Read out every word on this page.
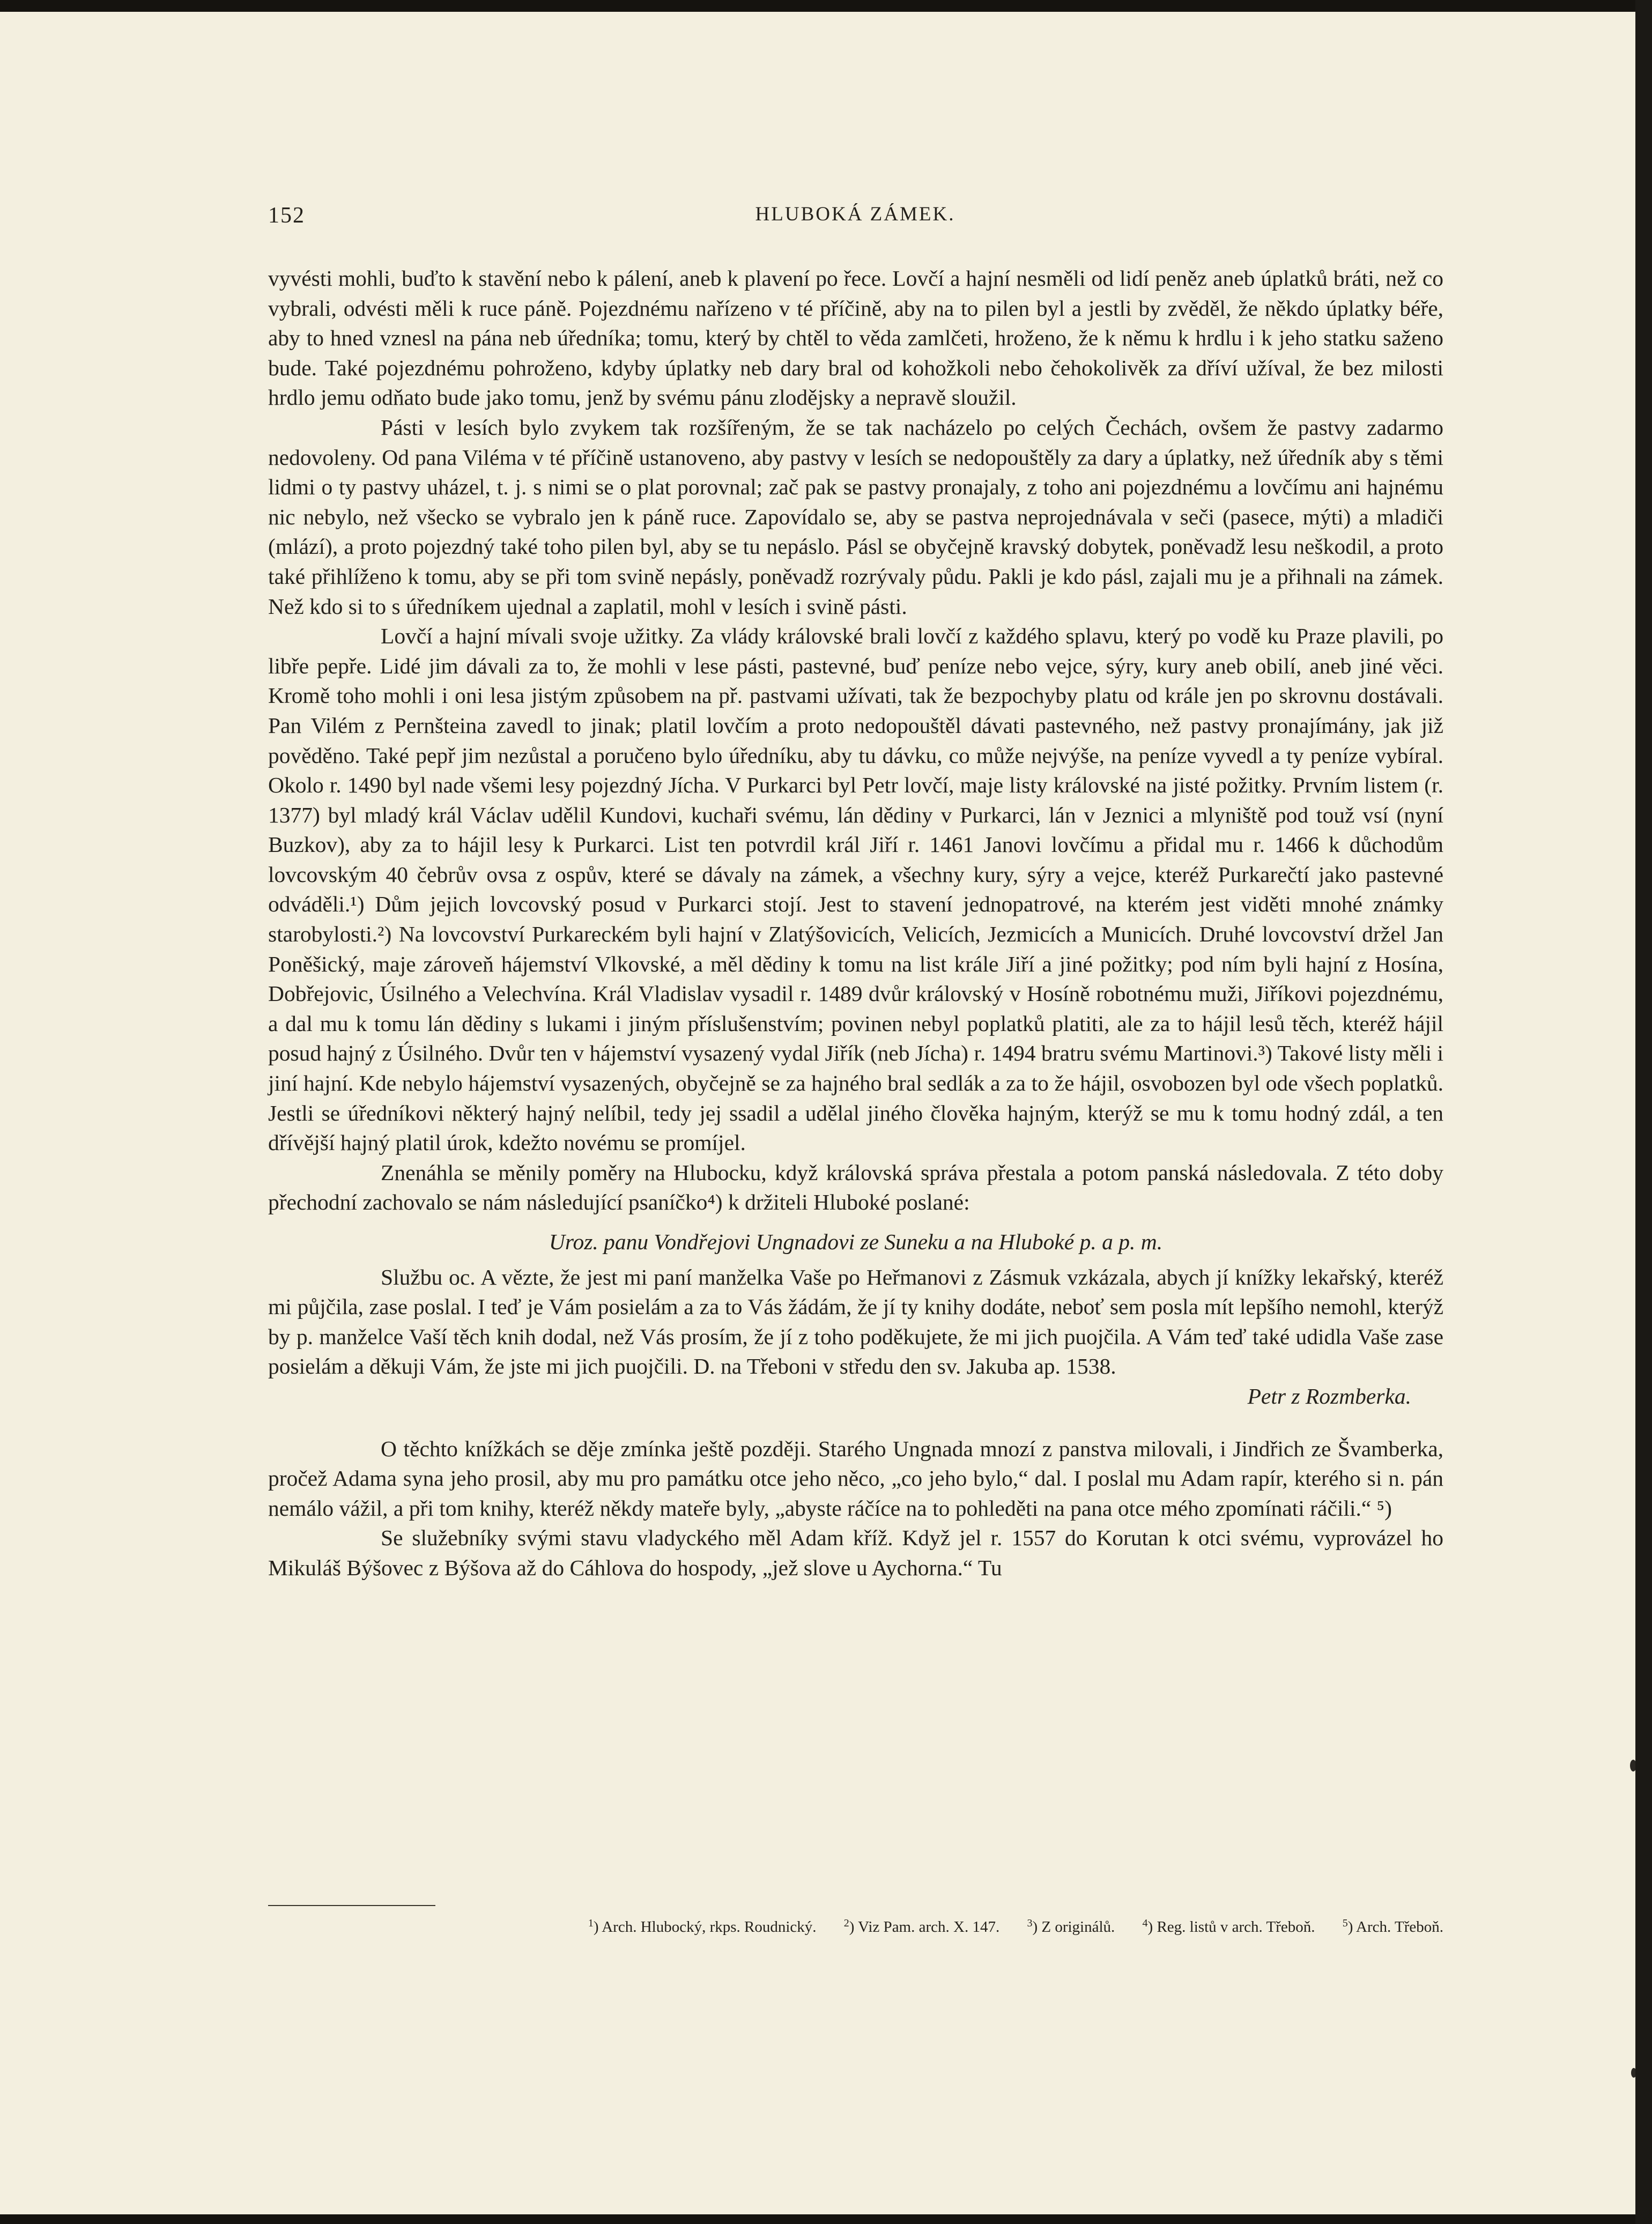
152	HLUBOKÁ ZÁMEK.

vyvésti mohli, buďto k stavění nebo k pálení, aneb k plavení po řece. Lovčí a hajní nesměli od lidí peněz aneb úplatků bráti, než co vybrali, odvésti měli k ruce páně. Pojezdnému nařízeno v té příčině, aby na to pilen byl a jestli by zvěděl, že někdo úplatky béře, aby to hned vznesl na pána neb úředníka; tomu, který by chtěl to věda zamlčeti, hroženo, že k němu k hrdlu i k jeho statku saženo bude. Také pojezdnému pohroženo, kdyby úplatky neb dary bral od kohožkoli nebo čehokolivěk za dříví užíval, že bez milosti hrdlo jemu odňato bude jako tomu, jenž by svému pánu zlodějsky a nepravě sloužil.

Pásti v lesích bylo zvykem tak rozšířeným, že se tak nacházelo po celých Čechách, ovšem že pastvy zadarmo nedovoleny. Od pana Viléma v té příčině ustanoveno, aby pastvy v lesích se nedopouštěly za dary a úplatky, než úředník aby s těmi lidmi o ty pastvy uházel, t. j. s nimi se o plat porovnal; zač pak se pastvy pronajaly, z toho ani pojezdnému a lovčímu ani hajnému nic nebylo, než všecko se vybralo jen k páně ruce. Zapovídalo se, aby se pastva neprojednávala v seči (pasece, mýti) a mladiči (mlází), a proto pojezdný také toho pilen byl, aby se tu nepáslo. Pásl se obyčejně kravský dobytek, poněvadž lesu neškodil, a proto také přihlíženo k tomu, aby se při tom svině nepásly, poněvadž rozrývaly půdu. Pakli je kdo pásl, zajali mu je a přihnali na zámek. Než kdo si to s úředníkem ujednal a zaplatil, mohl v lesích i svině pásti.

Lovčí a hajní mívali svoje užitky. Za vlády královské brali lovčí z každého splavu, který po vodě ku Praze plavili, po libře pepře. Lidé jim dávali za to, že mohli v lese pásti, pastevné, buď peníze nebo vejce, sýry, kury aneb obilí, aneb jiné věci. Kromě toho mohli i oni lesa jistým způsobem na př. pastvami užívati, tak že bezpochyby platu od krále jen po skrovnu dostávali. Pan Vilém z Pernšteina zavedl to jinak; platil lovčím a proto nedopouštěl dávati pastevného, než pastvy pronajímány, jak již pověděno. Také pepř jim nezůstal a poručeno bylo úředníku, aby tu dávku, co může nejvýše, na peníze vyvedl a ty peníze vybíral. Okolo r. 1490 byl nade všemi lesy pojezdný Jícha. V Purkarci byl Petr lovčí, maje listy královské na jisté požitky. Prvním listem (r. 1377) byl mladý král Václav udělil Kundovi, kuchaři svému, lán dědiny v Purkarci, lán v Jeznici a mlyniště pod touž vsí (nyní Buzkov), aby za to hájil lesy k Purkarci. List ten potvrdil král Jiří r. 1461 Janovi lovčímu a přidal mu r. 1466 k důchodům lovcovským 40 čebrův ovsa z ospův, které se dávaly na zámek, a všechny kury, sýry a vejce, kteréž Purkarečtí jako pastevné odváděli.¹) Dům jejich lovcovský posud v Purkarci stojí. Jest to stavení jednopatrové, na kterém jest viděti mnohé známky starobylosti.²) Na lovcovství Purkareckém byli hajní v Zlatýšovicích, Velicích, Jezmicích a Municích. Druhé lovcovství držel Jan Poněšický, maje zároveň hájemství Vlkovské, a měl dědiny k tomu na list krále Jiří a jiné požitky; pod ním byli hajní z Hosína, Dobřejovic, Úsilného a Velechvína. Král Vladislav vysadil r. 1489 dvůr královský v Hosíně robotnému muži, Jiříkovi pojezdnému, a dal mu k tomu lán dědiny s lukami i jiným příslušenstvím; povinen nebyl poplatků platiti, ale za to hájil lesů těch, kteréž hájil posud hajný z Úsilného. Dvůr ten v hájemství vysazený vydal Jiřík (neb Jícha) r. 1494 bratru svému Martinovi.³) Takové listy měli i jiní hajní. Kde nebylo hájemství vysazených, obyčejně se za hajného bral sedlák a za to že hájil, osvobozen byl ode všech poplatků. Jestli se úředníkovi některý hajný nelíbil, tedy jej ssadil a udělal jiného člověka hajným, kterýž se mu k tomu hodný zdál, a ten dřívější hajný platil úrok, kdežto novému se promíjel.

Znenáhla se měnily poměry na Hlubocku, když královská správa přestala a potom panská následovala. Z této doby přechodní zachovalo se nám následující psaníčko⁴) k držiteli Hluboké poslané:

Uroz. panu Vondřejovi Ungnadovi ze Suneku a na Hluboké p. a p. m.

Službu oc. A vězte, že jest mi paní manželka Vaše po Heřmanovi z Zásmuk vzkázala, abych jí knížky lekařský, kteréž mi půjčila, zase poslal. I teď je Vám posielám a za to Vás žádám, že jí ty knihy dodáte, neboť sem posla mít lepšího nemohl, kterýž by p. manželce Vaší těch knih dodal, než Vás prosím, že jí z toho poděkujete, že mi jich puojčila. A Vám teď také udidla Vaše zase posielám a děkuji Vám, že jste mi jich puojčili. D. na Třeboni v středu den sv. Jakuba ap. 1538.

Petr z Rozmberka.

O těchto knížkách se děje zmínka ještě později. Starého Ungnada mnozí z panstva milovali, i Jindřich ze Švamberka, pročež Adama syna jeho prosil, aby mu pro památku otce jeho něco, „co jeho bylo,“ dal. I poslal mu Adam rapír, kterého si n. pán nemálo vážil, a při tom knihy, kteréž někdy mateře byly, „abyste ráčíce na to pohleděti na pana otce mého zpomínati ráčili.“ ⁵)

Se služebníky svými stavu vladyckého měl Adam kříž. Když jel r. 1557 do Korutan k otci svému, vyprovázel ho Mikuláš Býšovec z Býšova až do Cáhlova do hospody, „jež slove u Aychorna.“ Tu

$^1$) Arch. Hlubocký, rkps. Roudnický.	$^2$) Viz Pam. arch. X. 147.	$^3$) Z originálů.	$^4$) Reg. listů v arch. Třeboň.	$^5$) Arch. Třeboň.
